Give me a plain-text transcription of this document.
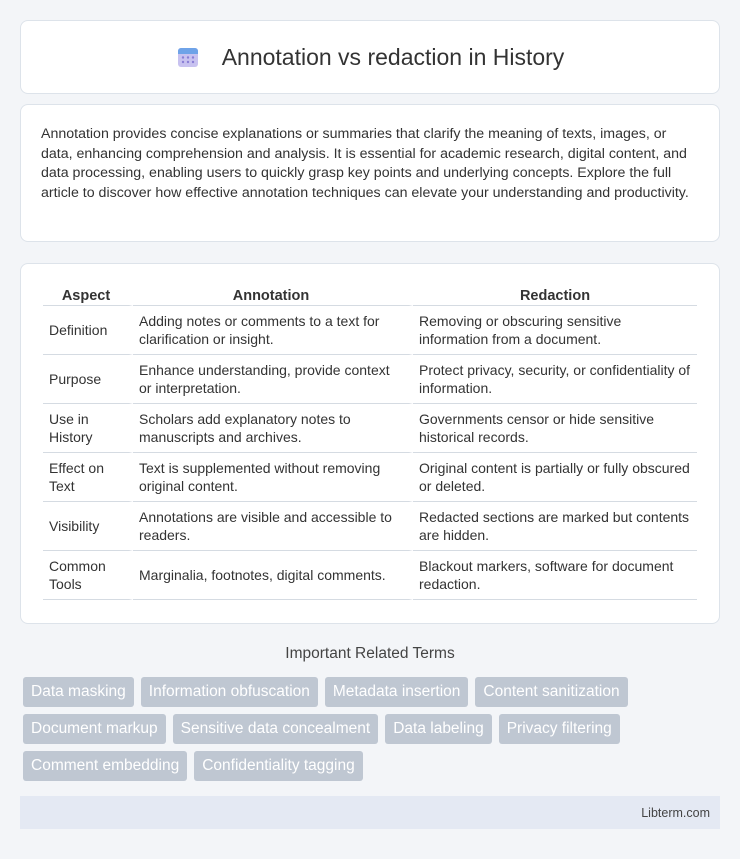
Annotation vs redaction in History

Annotation provides concise explanations or summaries that clarify the meaning of texts, images, or data, enhancing comprehension and analysis. It is essential for academic research, digital content, and data processing, enabling users to quickly grasp key points and underlying concepts. Explore the full article to discover how effective annotation techniques can elevate your understanding and productivity.

Aspect	Annotation	Redaction
Definition	Adding notes or comments to a text for clarification or insight.	Removing or obscuring sensitive information from a document.
Purpose	Enhance understanding, provide context or interpretation.	Protect privacy, security, or confidentiality of information.
Use in History	Scholars add explanatory notes to manuscripts and archives.	Governments censor or hide sensitive historical records.
Effect on Text	Text is supplemented without removing original content.	Original content is partially or fully obscured or deleted.
Visibility	Annotations are visible and accessible to readers.	Redacted sections are marked but contents are hidden.
Common Tools	Marginalia, footnotes, digital comments.	Blackout markers, software for document redaction.
Important Related Terms
Data masking	Information obfuscation	Metadata insertion	Content sanitization
Document markup	Sensitive data concealment	Data labeling	Privacy filtering
Comment embedding	Confidentiality tagging
Libterm.com
